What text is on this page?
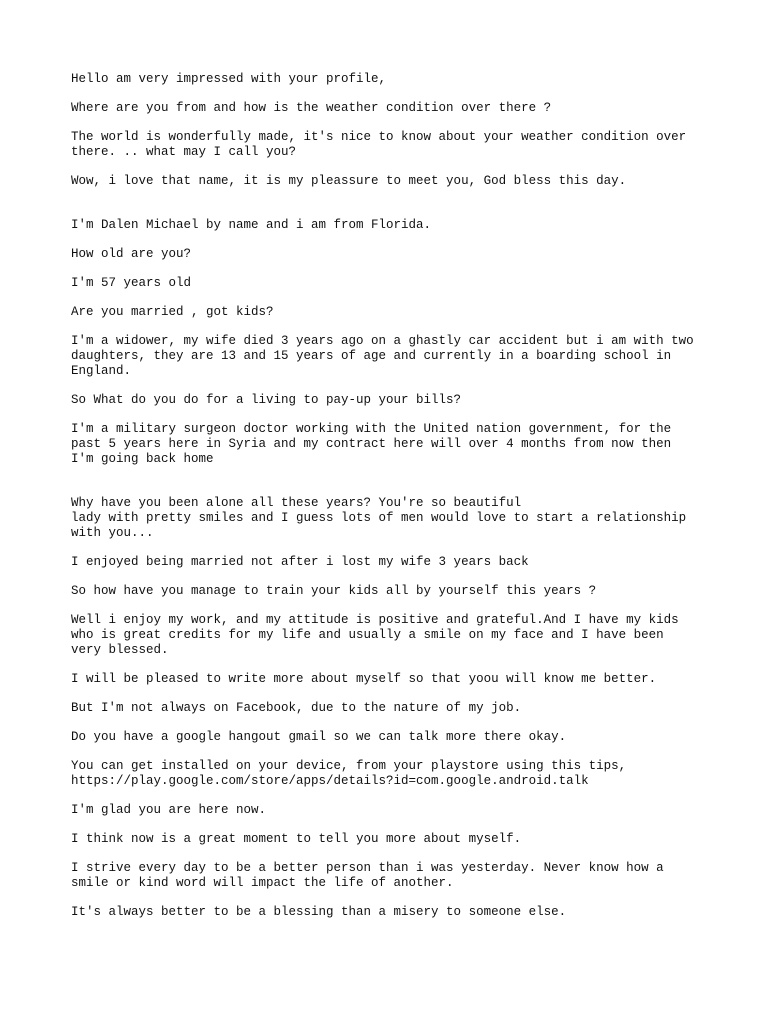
Hello am very impressed with your profile,

Where are you from and how is the weather condition over there ?

The world is wonderfully made, it's nice to know about your weather condition over
there. .. what may I call you?

Wow, i love that name, it is my pleassure to meet you, God bless this day.

I'm Dalen Michael by name and i am from Florida.

How old are you?

I'm 57 years old

Are you married , got kids?

I'm a widower, my wife died 3 years ago on a ghastly car accident but i am with two
daughters, they are 13 and 15 years of age and currently in a boarding school in
England.

So What do you do for a living to pay-up your bills?

I'm a military surgeon doctor working with the United nation government, for the
past 5 years here in Syria and my contract here will over 4 months from now then
I'm going back home

Why have you been alone all these years? You're so beautiful
lady with pretty smiles and I guess lots of men would love to start a relationship
with you...

I enjoyed being married not after i lost my wife 3 years back

So how have you manage to train your kids all by yourself this years ?

Well i enjoy my work, and my attitude is positive and grateful.And I have my kids
who is great credits for my life and usually a smile on my face and I have been
very blessed.

I will be pleased to write more about myself so that yoou will know me better.

But I'm not always on Facebook, due to the nature of my job.

Do you have a google hangout gmail so we can talk more there okay.

You can get installed on your device, from your playstore using this tips,
https://play.google.com/store/apps/details?id=com.google.android.talk

I'm glad you are here now.

I think now is a great moment to tell you more about myself.

I strive every day to be a better person than i was yesterday. Never know how a
smile or kind word will impact the life of another.

It's always better to be a blessing than a misery to someone else.
